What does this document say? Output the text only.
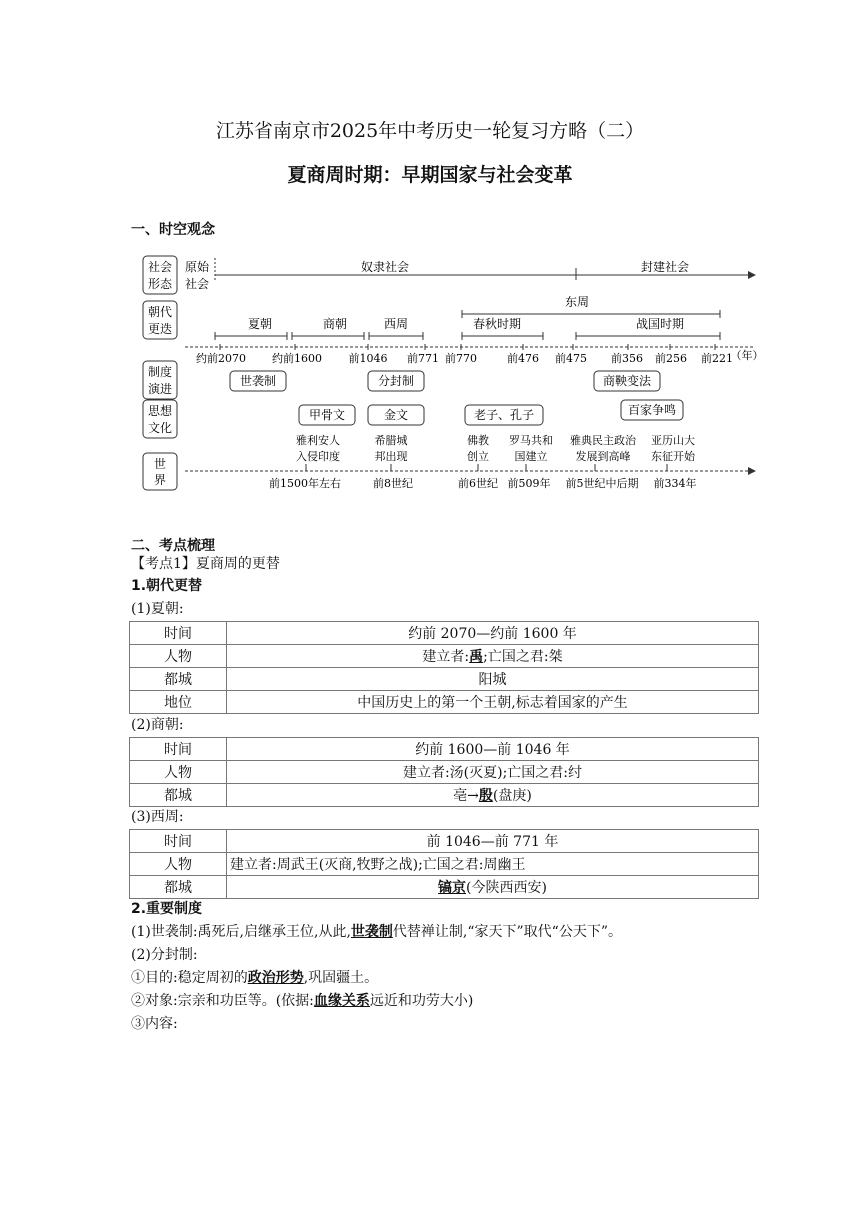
江苏省南京市2025年中考历史一轮复习方略（二）
夏商周时期：早期国家与社会变革
一、时空观念
社会
形态
朝代
更迭
制度
演进
思想
文化
世
界
原始
社会
奴隶社会	封建社会
夏朝	商朝	西周
东周
春秋时期	战国时期
约前2070 约前1600 前1046 前771 前770	前476 前475 前356 前256 前221
（年）
世袭制	分封制	商鞅变法
甲骨文	金文	老子、孔子	百家争鸣
雅利安人
入侵印度
希腊城
邦出现
佛教
创立
罗马共和
国建立
雅典民主政治
发展到高峰
亚历山大
东征开始
前1500年左右	前8世纪	前6世纪 前509年 前5世纪中后期 前334年
二、考点梳理
【考点1】夏商周的更替
1.朝代更替
(1)夏朝:
时间	约前 2070—约前 1600 年
人物	建立者:禹;亡国之君:桀
都城	阳城
地位	中国历史上的第一个王朝,标志着国家的产生
(2)商朝:
时间	约前 1600—前 1046 年
人物	建立者:汤(灭夏);亡国之君:纣
都城	亳→殷(盘庚)
(3)西周:
时间	前 1046—前 771 年
人物	建立者:周武王(灭商,牧野之战);亡国之君:周幽王
都城	镐京(今陕西西安)
2.重要制度
(1)世袭制:禹死后,启继承王位,从此,世袭制代替禅让制,“家天下”取代“公天下”。
(2)分封制:
①目的:稳定周初的政治形势,巩固疆土。
②对象:宗亲和功臣等。(依据:血缘关系远近和功劳大小)
③内容:
